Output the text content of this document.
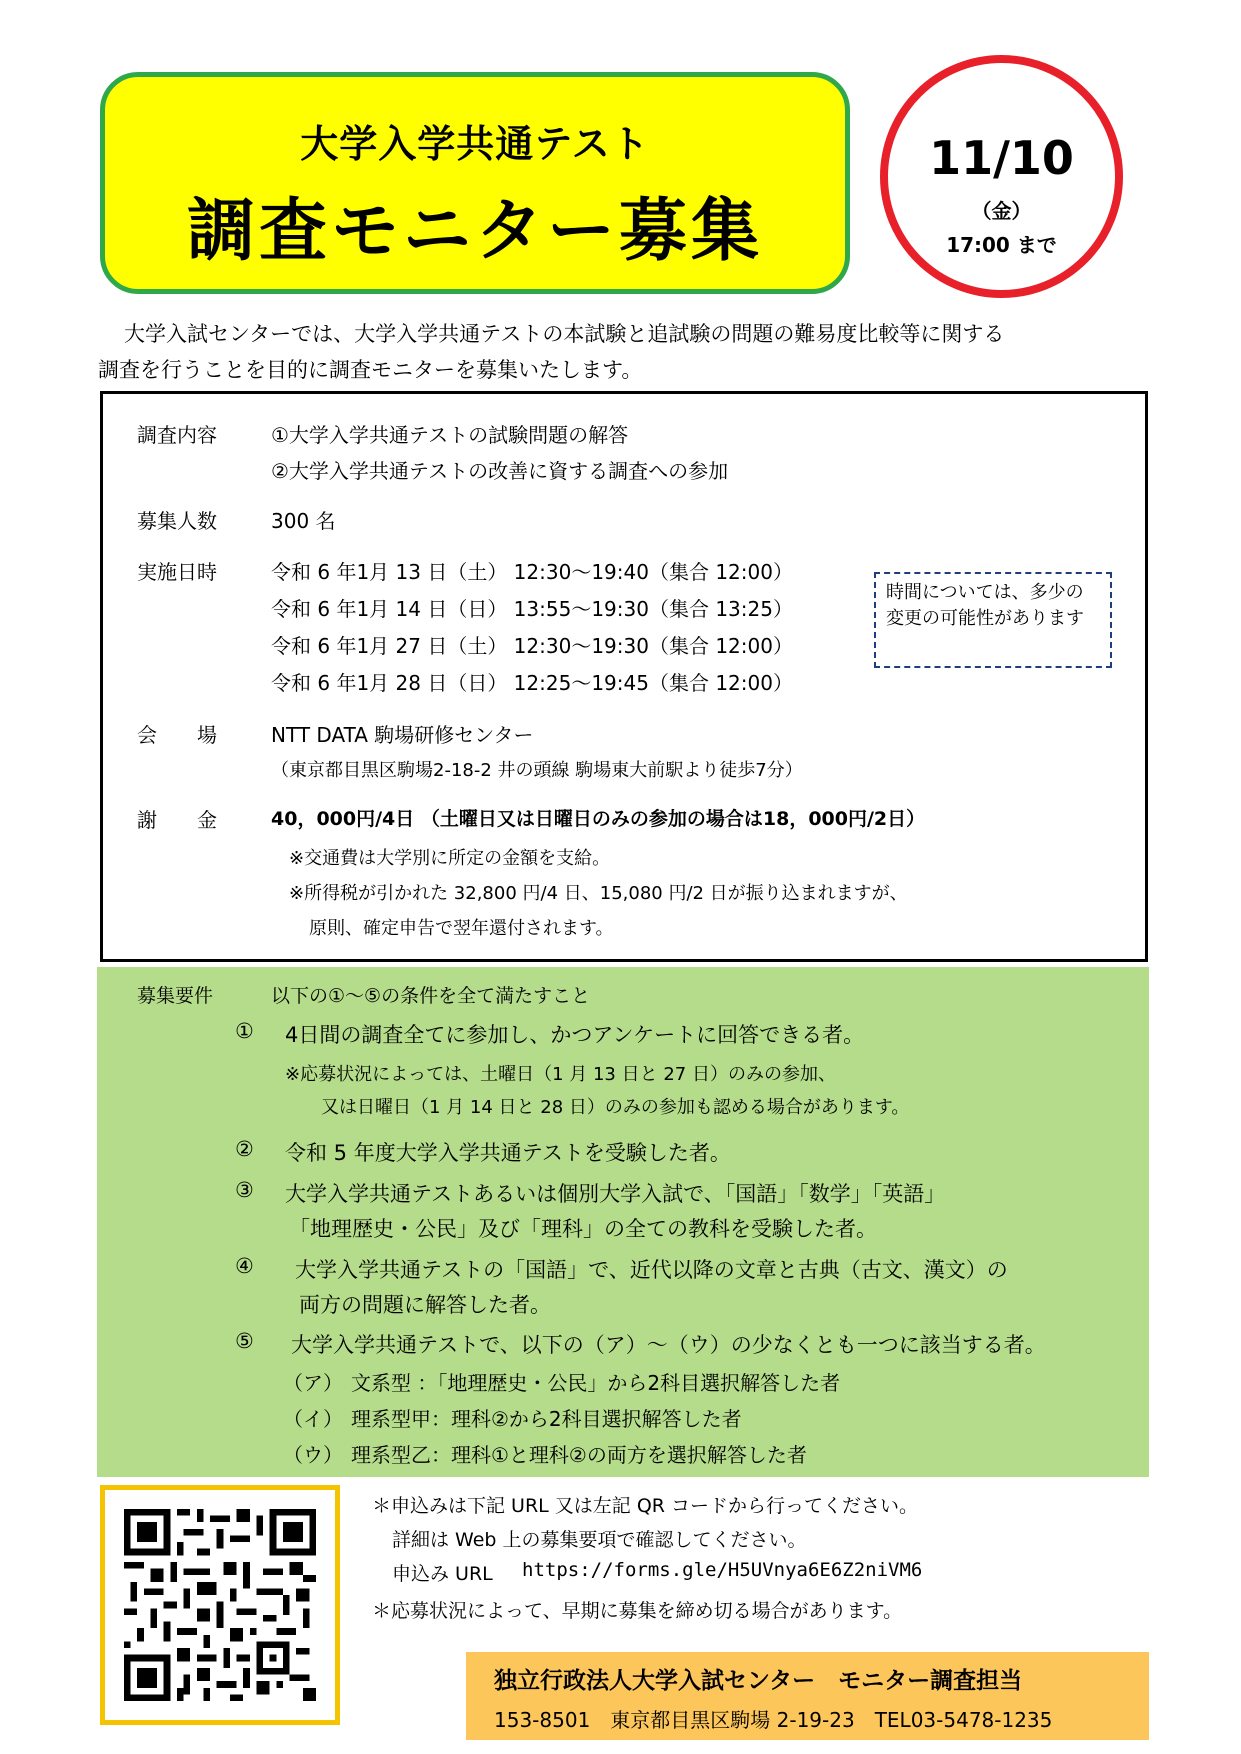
大学入学共通テスト
調査モニター募集
11/10
（金）
17:00 まで
大学入試センターでは、大学入学共通テストの本試験と追試験の問題の難易度比較等に関する
調査を行うことを目的に調査モニターを募集いたします。
調査内容	①大学入学共通テストの試験問題の解答
②大学入学共通テストの改善に資する調査への参加
募集人数	300 名
実施日時	令和 6 年1月 13 日（土） 12:30～19:40（集合 12:00）
令和 6 年1月 14 日（日） 13:55～19:30（集合 13:25）
令和 6 年1月 27 日（土） 12:30～19:30（集合 12:00）
令和 6 年1月 28 日（日） 12:25～19:45（集合 12:00）
時間については、多少の変更の可能性があります
会　　場	NTT DATA 駒場研修センター
（東京都目黒区駒場2-18-2 井の頭線 駒場東大前駅より徒歩7分）
謝　　金	40，000円/4日 （土曜日又は日曜日のみの参加の場合は18，000円/2日）
※交通費は大学別に所定の金額を支給。
※所得税が引かれた 32,800 円/4 日、15,080 円/2 日が振り込まれますが、
原則、確定申告で翌年還付されます。
募集要件	以下の①～⑤の条件を全て満たすこと
① 4日間の調査全てに参加し、かつアンケートに回答できる者。
※応募状況によっては、土曜日（1 月 13 日と 27 日）のみの参加、
又は日曜日（1 月 14 日と 28 日）のみの参加も認める場合があります。
② 令和 5 年度大学入学共通テストを受験した者。
③ 大学入学共通テストあるいは個別大学入試で、「国語」「数学」「英語」
「地理歴史・公民」及び「理科」の全ての教科を受験した者。
④ 大学入学共通テストの「国語」で、近代以降の文章と古典（古文、漢文）の
両方の問題に解答した者。
⑤ 大学入学共通テストで、以下の（ア）～（ウ）の少なくとも一つに該当する者。
（ア） 文系型 ：「地理歴史・公民」から2科目選択解答した者
（イ） 理系型甲：理科②から2科目選択解答した者
（ウ） 理系型乙：理科①と理科②の両方を選択解答した者
＊申込みは下記 URL 又は左記 QR コードから行ってください。
詳細は Web 上の募集要項で確認してください。
申込み URL https://forms.gle/H5UVnya6E6Z2niVM6
＊応募状況によって、早期に募集を締め切る場合があります。
独立行政法人大学入試センター　モニター調査担当
153-8501　東京都目黒区駒場 2-19-23　TEL03-5478-1235
